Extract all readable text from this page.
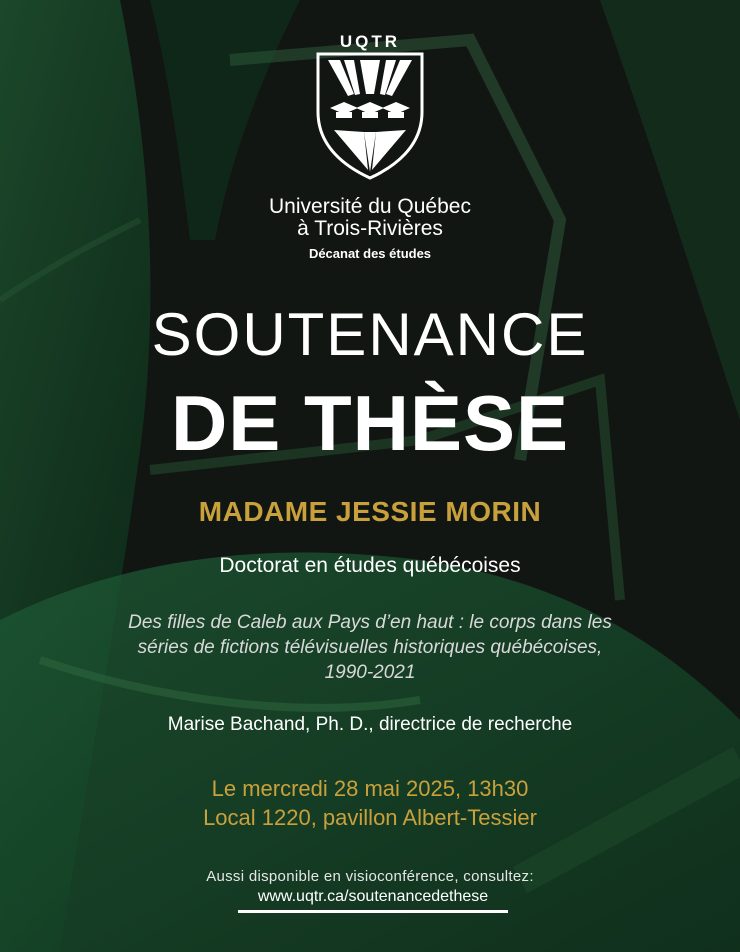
UQTR
Université du Québec
à Trois-Rivières
Décanat des études
SOUTENANCE
DE THÈSE
MADAME JESSIE MORIN
Doctorat en études québécoises
Des filles de Caleb aux Pays d’en haut : le corps dans les séries de fictions télévisuelles historiques québécoises, 1990-2021
Marise Bachand, Ph. D., directrice de recherche
Le mercredi 28 mai 2025, 13h30
Local 1220, pavillon Albert-Tessier
Aussi disponible en visioconférence, consultez:
www.uqtr.ca/soutenancedethese
